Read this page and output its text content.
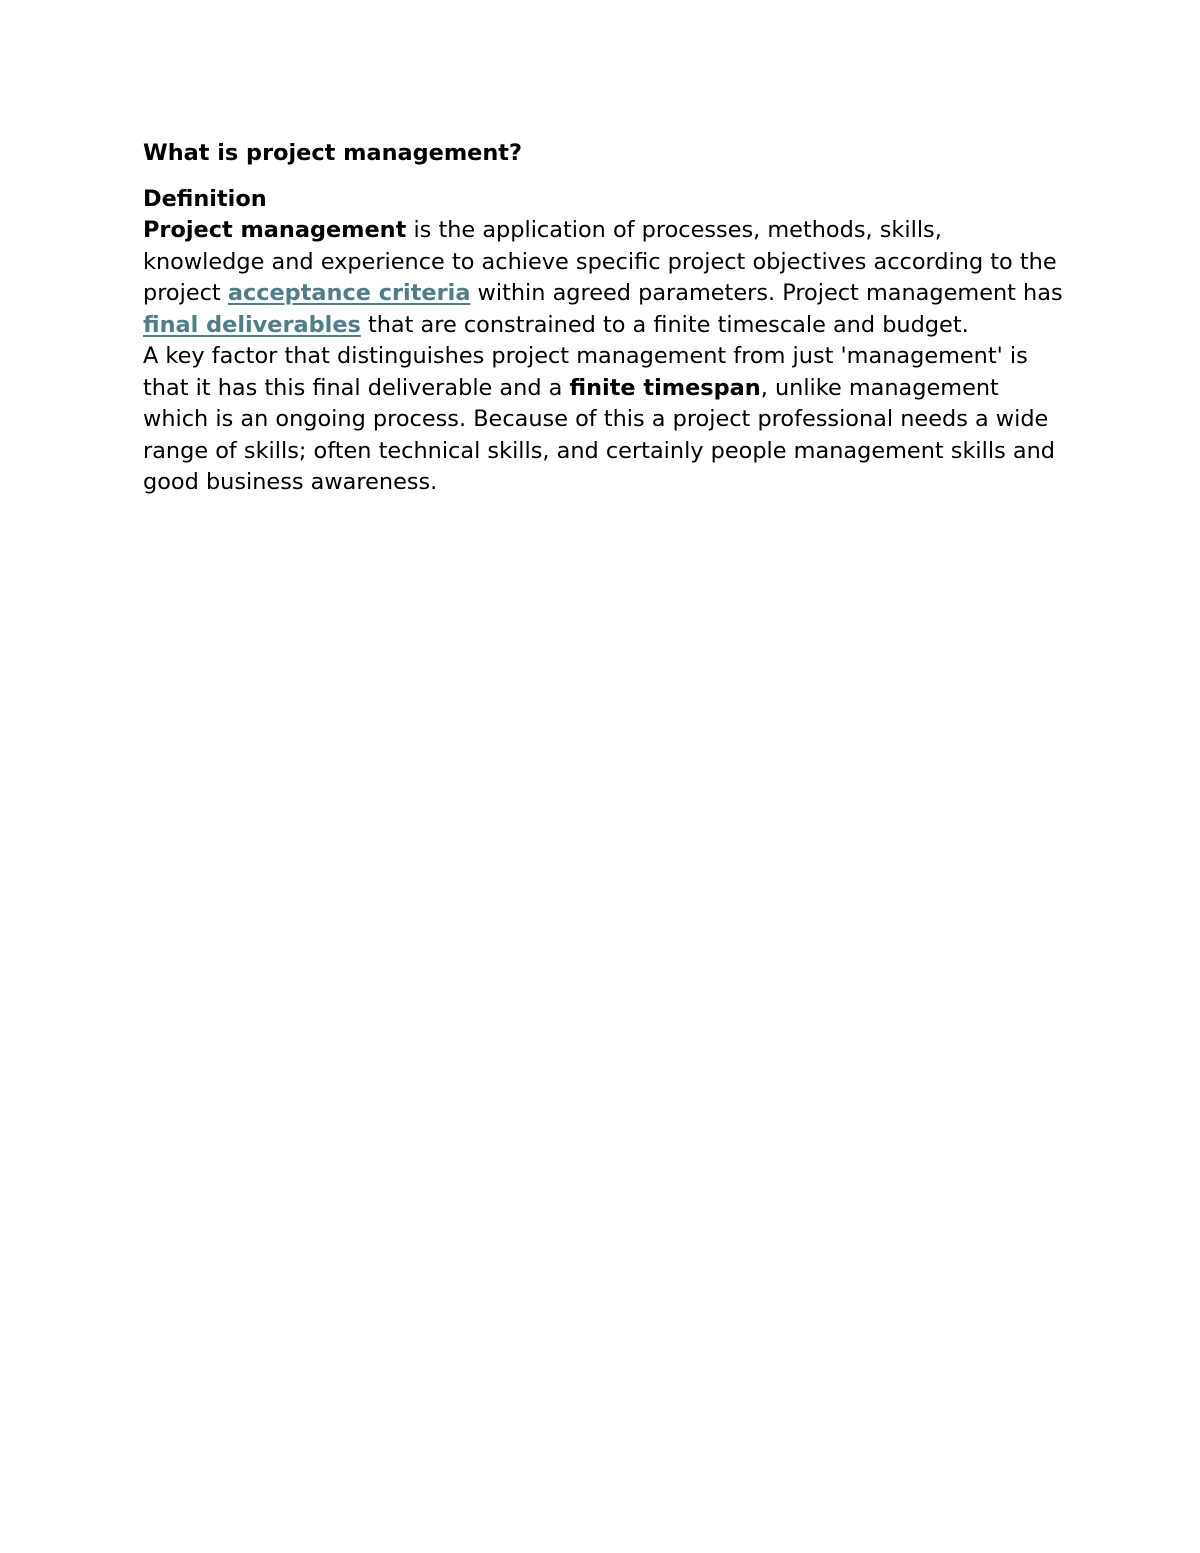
What is project management?
Definition

Project management is the application of processes, methods, skills, knowledge and experience to achieve specific project objectives according to the project acceptance criteria within agreed parameters. Project management has final deliverables that are constrained to a finite timescale and budget.

A key factor that distinguishes project management from just 'management' is that it has this final deliverable and a finite timespan, unlike management which is an ongoing process. Because of this a project professional needs a wide range of skills; often technical skills, and certainly people management skills and good business awareness.
